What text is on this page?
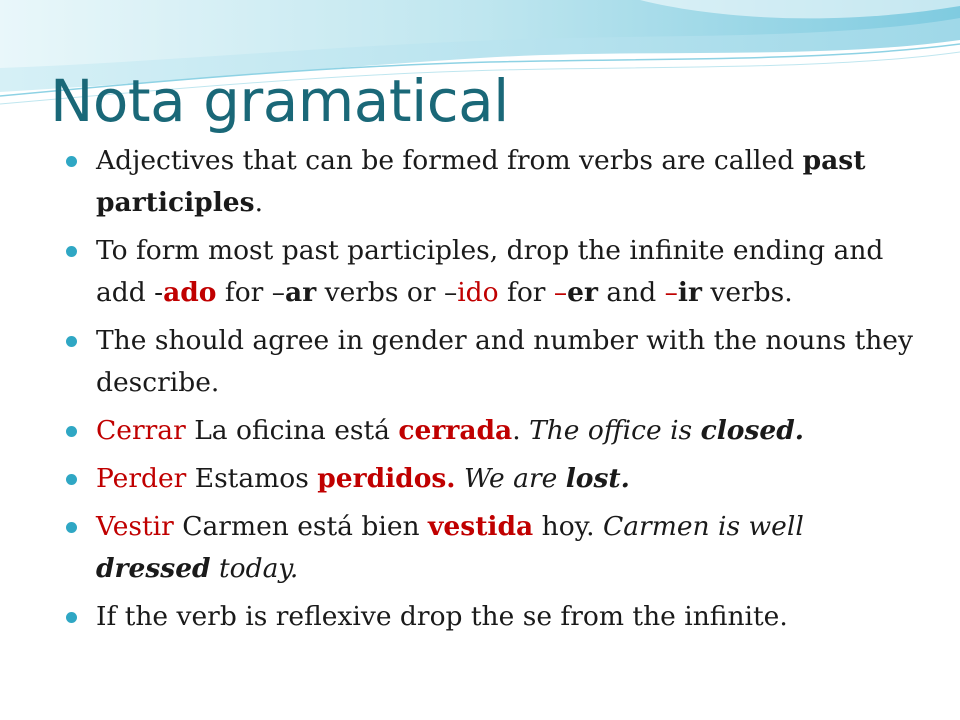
Nota gramatical
Adjectives that can be formed from verbs are called past participles.
To form most past participles, drop the infinite ending and add -ado for –ar verbs or –ido for –er and –ir verbs.
The should agree in gender and number with the nouns they describe.
Cerrar La oficina está cerrada. The office is closed.
Perder Estamos perdidos. We are lost.
Vestir Carmen está bien vestida hoy. Carmen is well dressed today.
If the verb is reflexive drop the se from the infinite.
